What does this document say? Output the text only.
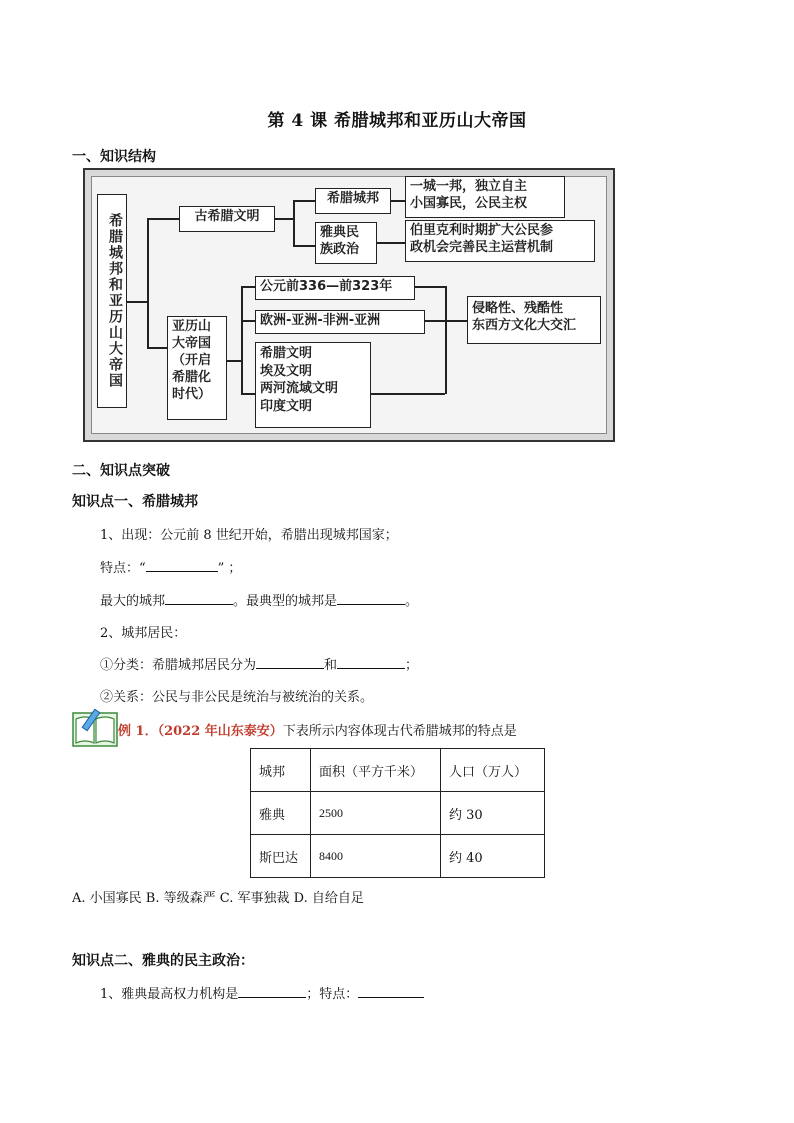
第 4 课 希腊城邦和亚历山大帝国
一、知识结构
希腊城邦和亚历山大帝国	古希腊文明
希腊城邦
雅典民
族政治
一城一邦，独立自主
小国寡民，公民主权
伯里克利时期扩大公民参
政机会完善民主运营机制
亚历山
大帝国
（开启
希腊化
时代）
公元前336—前323年
欧洲-亚洲-非洲-亚洲
希腊文明
埃及文明
两河流域文明
印度文明
侵略性、残酷性
东西方文化大交汇
二、知识点突破
知识点一、希腊城邦
1、出现：公元前 8 世纪开始，希腊出现城邦国家；
特点：“	” ；
最大的城邦	。最典型的城邦是	。
2、城邦居民：
①分类：希腊城邦居民分为	和	；
②关系：公民与非公民是统治与被统治的关系。
例 1．（2022 年山东泰安）下表所示内容体现古代希腊城邦的特点是
城邦	面积（平方千米）	人口（万人）
雅典	2500	约 30
斯巴达	8400	约 40
A. 小国寡民 B. 等级森严 C. 军事独裁 D. 自给自足
知识点二、雅典的民主政治：
1、雅典最高权力机构是	；特点：
